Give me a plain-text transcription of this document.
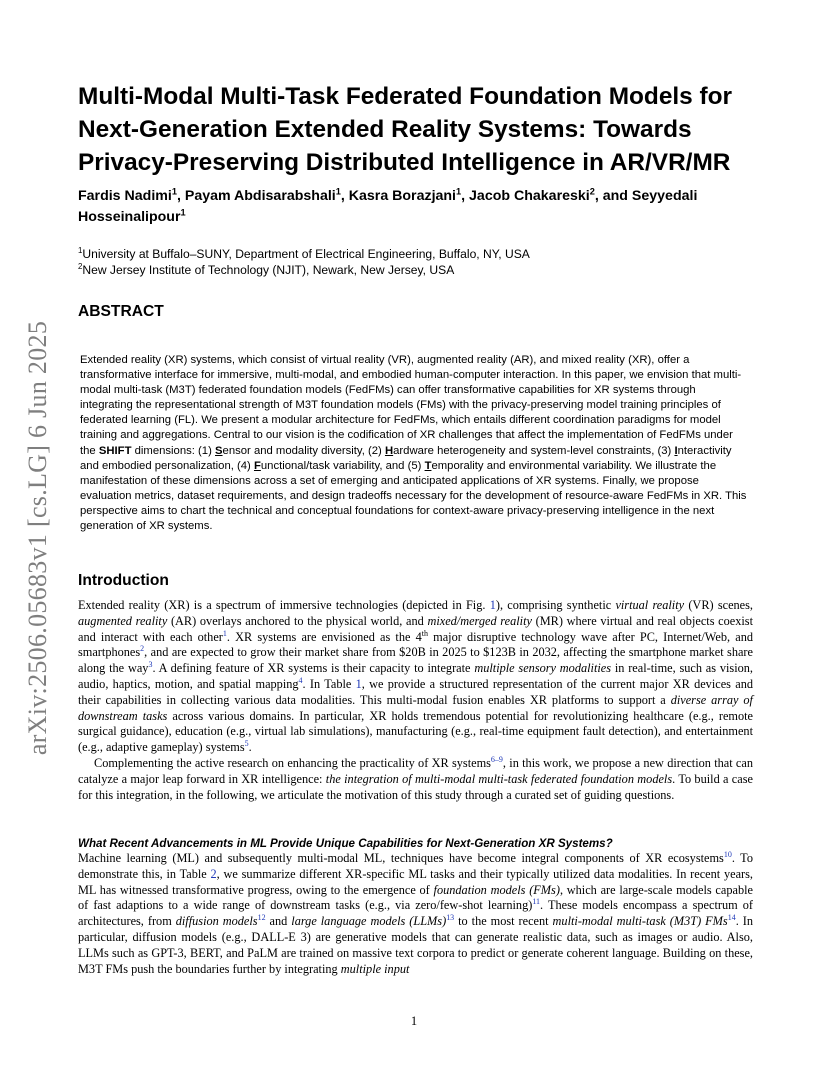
arXiv:2506.05683v1 [cs.LG] 6 Jun 2025
Multi-Modal Multi-Task Federated Foundation Models for Next-Generation Extended Reality Systems: Towards Privacy-Preserving Distributed Intelligence in AR/VR/MR

Fardis Nadimi$^1$, Payam Abdisarabshali$^1$, Kasra Borazjani$^1$, Jacob Chakareski$^2$, and Seyyedali Hosseinalipour$^1$

$^1$University at Buffalo–SUNY, Department of Electrical Engineering, Buffalo, NY, USA
$^2$New Jersey Institute of Technology (NJIT), Newark, New Jersey, USA
ABSTRACT

Extended reality (XR) systems, which consist of virtual reality (VR), augmented reality (AR), and mixed reality (XR), offer a transformative interface for immersive, multi-modal, and embodied human-computer interaction. In this paper, we envision that multi-modal multi-task (M3T) federated foundation models (FedFMs) can offer transformative capabilities for XR systems through integrating the representational strength of M3T foundation models (FMs) with the privacy-preserving model training principles of federated learning (FL). We present a modular architecture for FedFMs, which entails different coordination paradigms for model training and aggregations. Central to our vision is the codification of XR challenges that affect the implementation of FedFMs under the SHIFT dimensions: (1) Sensor and modality diversity, (2) Hardware heterogeneity and system-level constraints, (3) Interactivity and embodied personalization, (4) Functional/task variability, and (5) Temporality and environmental variability. We illustrate the manifestation of these dimensions across a set of emerging and anticipated applications of XR systems. Finally, we propose evaluation metrics, dataset requirements, and design tradeoffs necessary for the development of resource-aware FedFMs in XR. This perspective aims to chart the technical and conceptual foundations for context-aware privacy-preserving intelligence in the next generation of XR systems.

Introduction

Extended reality (XR) is a spectrum of immersive technologies (depicted in Fig. 1), comprising synthetic virtual reality (VR) scenes, augmented reality (AR) overlays anchored to the physical world, and mixed/merged reality (MR) where virtual and real objects coexist and interact with each other$^1$. XR systems are envisioned as the 4th major disruptive technology wave after PC, Internet/Web, and smartphones$^2$, and are expected to grow their market share from $20B in 2025 to $123B in 2032, affecting the smartphone market share along the way$^3$. A defining feature of XR systems is their capacity to integrate multiple sensory modalities in real-time, such as vision, audio, haptics, motion, and spatial mapping$^4$. In Table 1, we provide a structured representation of the current major XR devices and their capabilities in collecting various data modalities. This multi-modal fusion enables XR platforms to support a diverse array of downstream tasks across various domains. In particular, XR holds tremendous potential for revolutionizing healthcare (e.g., remote surgical guidance), education (e.g., virtual lab simulations), manufacturing (e.g., real-time equipment fault detection), and entertainment (e.g., adaptive gameplay) systems$^5$.

Complementing the active research on enhancing the practicality of XR systems$^{6-9}$, in this work, we propose a new direction that can catalyze a major leap forward in XR intelligence: the integration of multi-modal multi-task federated foundation models. To build a case for this integration, in the following, we articulate the motivation of this study through a curated set of guiding questions.

What Recent Advancements in ML Provide Unique Capabilities for Next-Generation XR Systems?

Machine learning (ML) and subsequently multi-modal ML, techniques have become integral components of XR ecosystems$^{10}$. To demonstrate this, in Table 2, we summarize different XR-specific ML tasks and their typically utilized data modalities. In recent years, ML has witnessed transformative progress, owing to the emergence of foundation models (FMs), which are large-scale models capable of fast adaptions to a wide range of downstream tasks (e.g., via zero/few-shot learning)$^{11}$. These models encompass a spectrum of architectures, from diffusion models$^{12}$ and large language models (LLMs)$^{13}$ to the most recent multi-modal multi-task (M3T) FMs$^{14}$. In particular, diffusion models (e.g., DALL-E 3) are generative models that can generate realistic data, such as images or audio. Also, LLMs such as GPT-3, BERT, and PaLM are trained on massive text corpora to predict or generate coherent language. Building on these, M3T FMs push the boundaries further by integrating multiple input

1
